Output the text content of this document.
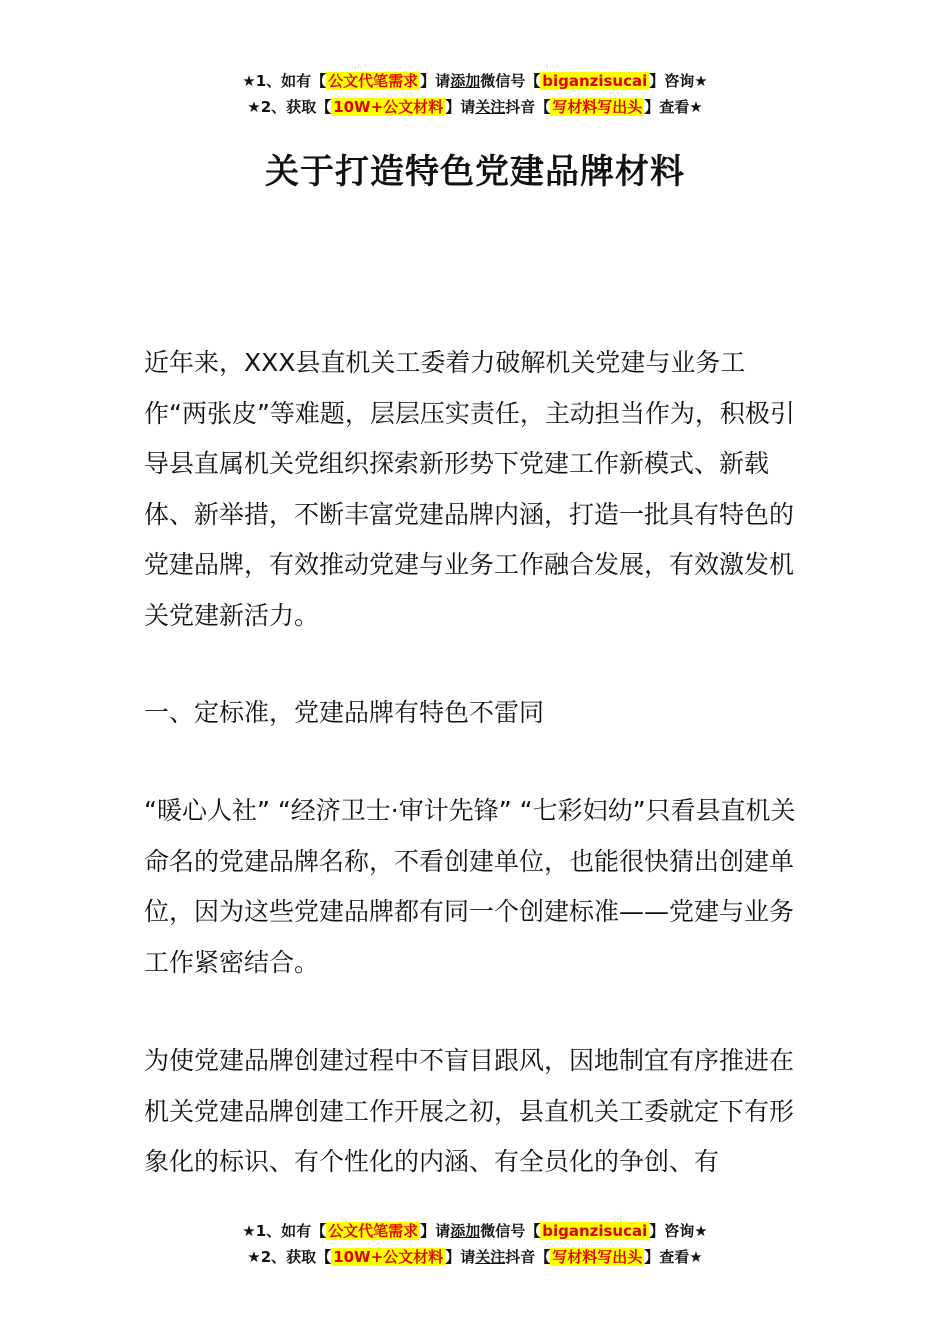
★1、如有【 公文代笔需求 】请添加微信号【 biganzisucai 】咨询★
★2、获取【 10W+公文材料 】请关注抖音【 写材料写出头 】查看★
关于打造特色党建品牌材料

近年来，XXX县直机关工委着力破解机关党建与业务工作“两张皮”等难题，层层压实责任，主动担当作为，积极引导县直属机关党组织探索新形势下党建工作新模式、新载体、新举措，不断丰富党建品牌内涵，打造一批具有特色的党建品牌，有效推动党建与业务工作融合发展，有效激发机关党建新活力。

一、定标准，党建品牌有特色不雷同

“暖心人社” “经济卫士·审计先锋” “七彩妇幼”只看县直机关命名的党建品牌名称，不看创建单位，也能很快猜出创建单位，因为这些党建品牌都有同一个创建标准——党建与业务工作紧密结合。

为使党建品牌创建过程中不盲目跟风，因地制宜有序推进在机关党建品牌创建工作开展之初，县直机关工委就定下有形象化的标识、有个性化的内涵、有全员化的争创、有

★1、如有【 公文代笔需求 】请添加微信号【 biganzisucai 】咨询★
★2、获取【 10W+公文材料 】请关注抖音【 写材料写出头 】查看★
